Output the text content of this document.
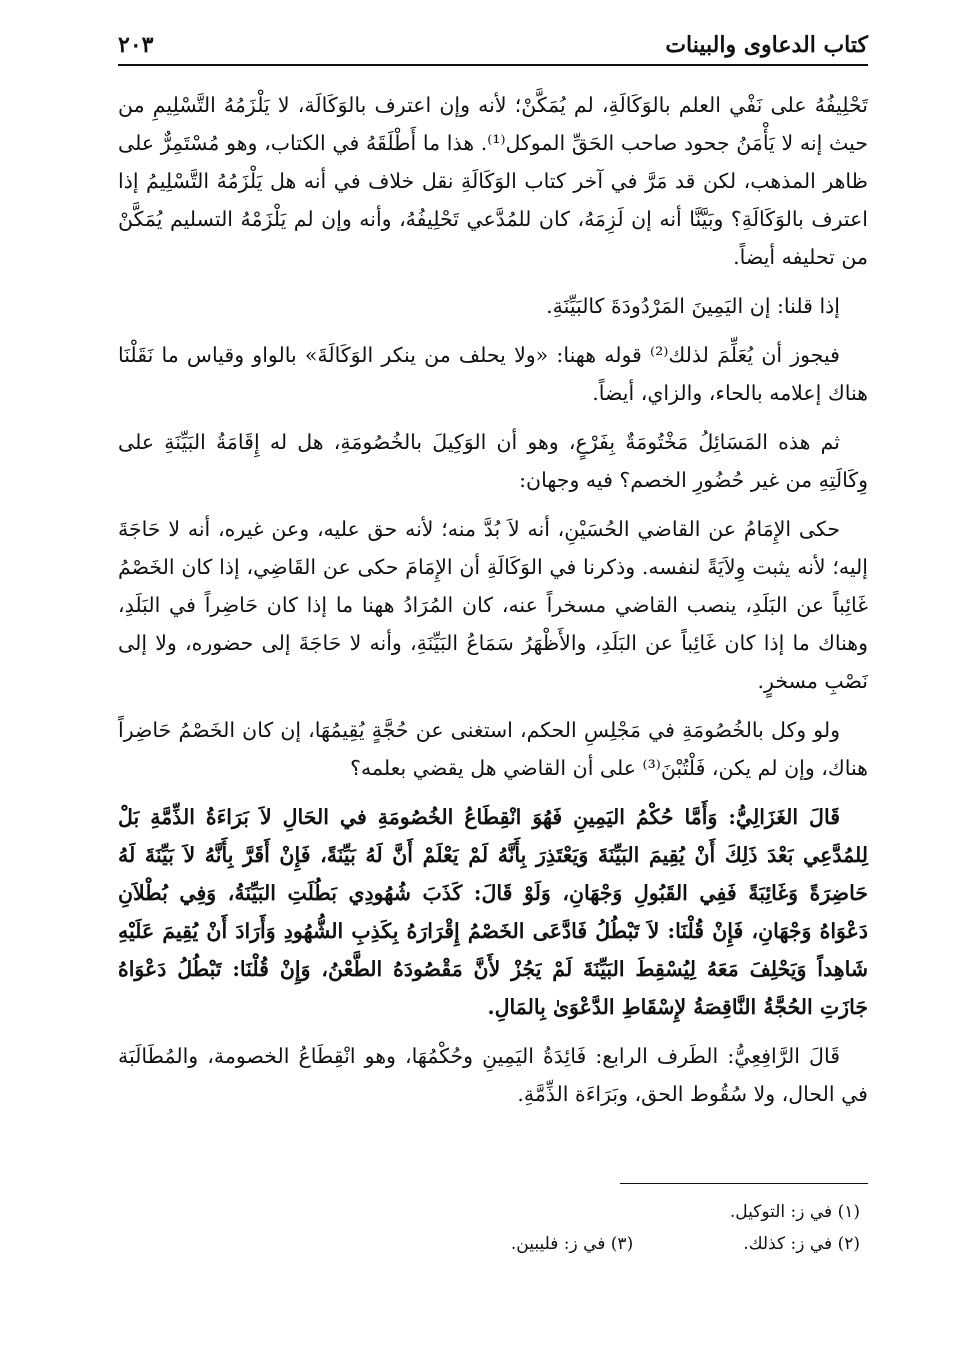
كتاب الدعاوى والبينات
٢٠٣

تَحْلِيفُهُ على نَفْي العلم بالوَكَالَةِ، لم يُمَكَّنْ؛ لأنه وإن اعترف بالوَكَالَة، لا يَلْزَمُهُ التَّسْلِيمِ من حيث إنه لا يَأْمَنُ جحود صاحب الحَقِّ الموكل⁽¹⁾. هذا ما أَطْلَقَهُ في الكتاب، وهو مُسْتَمِرٌّ على ظاهر المذهب، لكن قد مَرَّ في آخر كتاب الوَكَالَةِ نقل خلاف في أنه هل يَلْزَمُهُ التَّسْلِيمُ إذا اعترف بالوَكَالَةِ؟ وبَيَّنَّا أنه إن لَزِمَهُ، كان للمُدَّعي تَحْلِيفُهُ، وأنه وإن لم يَلْزَمْهُ التسليم يُمَكَّنْ من تحليفه أيضاً.

إذا قلنا: إن اليَمِينَ المَرْدُودَةَ كالبَيِّنَةِ.

فيجوز أن يُعَلِّمَ لذلك⁽²⁾ قوله ههنا: «ولا يحلف من ينكر الوَكَالَةَ» بالواو وقياس ما نَقَلْنَا هناك إعلامه بالحاء، والزاي، أيضاً.

ثم هذه المَسَائِلُ مَخْتُومَةٌ بِفَرْعٍ، وهو أن الوَكِيلَ بالخُصُومَةِ، هل له إِقَامَةُ البَيِّنَةِ على وِكَالَتِهِ من غير حُضُورِ الخصم؟ فيه وجهان:

حكى الإِمَامُ عن القاضي الحُسَيْنِ، أنه لاَ بُدَّ منه؛ لأنه حق عليه، وعن غيره، أنه لا حَاجَةَ إليه؛ لأنه يثبت وِلاَيَةً لنفسه. وذكرنا في الوَكَالَةِ أن الإِمَامَ حكى عن القَاضِي، إذا كان الخَصْمُ غَائِباً عن البَلَدِ، ينصب القاضي مسخراً عنه، كان المُرَادُ ههنا ما إذا كان حَاضِراً في البَلَدِ، وهناك ما إذا كان غَائِباً عن البَلَدِ، والأَظْهَرُ سَمَاعُ البَيِّنَةِ، وأنه لا حَاجَةَ إلى حضوره، ولا إلى نَصْبِ مسخرٍ.

ولو وكل بالخُصُومَةِ في مَجْلِسِ الحكم، استغنى عن حُجَّةٍ يُقِيمُهَا، إن كان الخَصْمُ حَاضِراً هناك، وإن لم يكن، فَلْتُبْنَ⁽³⁾ على أن القاضي هل يقضي بعلمه؟

قَالَ الغَزَالِيُّ: وَأَمَّا حُكْمُ اليَمِينِ فَهُوَ انْقِطَاعُ الخُصُومَةِ في الحَالِ لاَ بَرَاءَةُ الذِّمَّةِ بَلْ لِلمُدَّعِي بَعْدَ ذَلِكَ أَنْ يُقِيمَ البَيِّنَةَ وَيَعْتَذِرَ بِأَنَّهُ لَمْ يَعْلَمْ أَنَّ لَهُ بَيِّنَةً، فَإِنْ أَقَرَّ بِأَنَّهُ لاَ بَيِّنَةَ لَهُ حَاضِرَةً وَغَائِبَةً فَفِي القَبُولِ وَجْهَانِ، وَلَوْ قَالَ: كَذَبَ شُهُودِي بَطُلَتِ البَيِّنَةُ، وَفِي بُطْلاَنِ دَعْوَاهُ وَجْهَانِ، فَإِنْ قُلْنَا: لاَ تَبْطُلُ فَادَّعَى الخَصْمُ إِقْرَارَهُ بِكَذِبِ الشُّهُودِ وَأَرَادَ أَنْ يُقِيمَ عَلَيْهِ شَاهِداً وَيَحْلِفَ مَعَهُ لِيُسْقِطَ البَيِّنَةَ لَمْ يَجُزْ لأَنَّ مَقْصُودَهُ الطَّعْنُ، وَإِنْ قُلْنَا: تَبْطُلُ دَعْوَاهُ جَازَتِ الحُجَّةُ النَّاقِصَةُ لإِسْقَاطِ الدَّعْوَىٰ بِالمَالِ.

قَالَ الرَّافِعِيُّ: الطَرف الرابع: فَائِدَةُ اليَمِينِ وحُكْمُهَا، وهو انْقِطَاعُ الخصومة، والمُطَالَبَة في الحال، ولا سُقُوط الحق، وبَرَاءَة الذِّمَّةِ.

(١) في ز: التوكيل.
(٢) في ز: كذلك.
(٣) في ز: فليبين.
